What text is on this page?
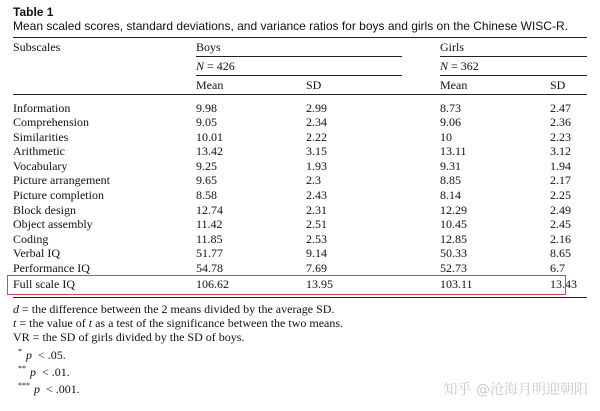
Table 1
Mean scaled scores, standard deviations, and variance ratios for boys and girls on the Chinese WISC-R.
Subscales	Boys			Girls	
	N = 426			N = 362	
	Mean	SD		Mean	SD

Information	9.98	2.99		8.73	2.47
Comprehension	9.05	2.34		9.06	2.36
Similarities	10.01	2.22		10	2.23
Arithmetic	13.42	3.15		13.11	3.12
Vocabulary	9.25	1.93		9.31	1.94
Picture arrangement	9.65	2.3		8.85	2.17
Picture completion	8.58	2.43		8.14	2.25
Block design	12.74	2.31		12.29	2.49
Object assembly	11.42	2.51		10.45	2.45
Coding	11.85	2.53		12.85	2.16
Verbal IQ	51.77	9.14		50.33	8.65
Performance IQ	54.78	7.69		52.73	6.7
Full scale IQ	106.62	13.95		103.11	13.43
d = the difference between the 2 means divided by the average SD.
t = the value of t as a test of the significance between the two means.
VR = the SD of girls divided by the SD of boys.
* p < .05.
** p < .01.
*** p < .001.	知乎 @沧海月明迎朝阳
